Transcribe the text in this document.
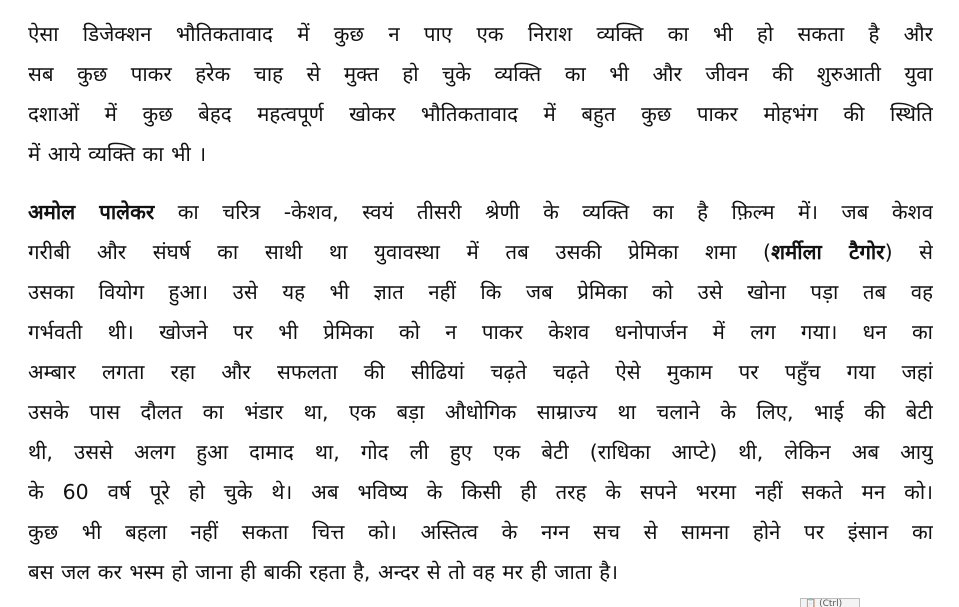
ऐसा डिजेक्शन भौतिकतावाद में कुछ न पाए एक निराश व्यक्ति का भी हो सकता है और
सब कुछ पाकर हरेक चाह से मुक्त हो चुके व्यक्ति का भी और जीवन की शुरुआती युवा
दशाओं में कुछ बेहद महत्वपूर्ण खोकर भौतिकतावाद में बहुत कुछ पाकर मोहभंग की स्थिति
में आये व्यक्ति का भी ।

अमोल पालेकर का चरित्र -केशव, स्वयं तीसरी श्रेणी के व्यक्ति का है फ़िल्म में। जब केशव
गरीबी और संघर्ष का साथी था युवावस्था में तब उसकी प्रेमिका शमा (शर्मीला टैगोर) से
उसका वियोग हुआ। उसे यह भी ज्ञात नहीं कि जब प्रेमिका को उसे खोना पड़ा तब वह
गर्भवती थी। खोजने पर भी प्रेमिका को न पाकर केशव धनोपार्जन में लग गया। धन का
अम्बार लगता रहा और सफलता की सीढियां चढ़ते चढ़ते ऐसे मुकाम पर पहुँच गया जहां
उसके पास दौलत का भंडार था, एक बड़ा औधोगिक साम्राज्य था चलाने के लिए, भाई की बेटी
थी, उससे अलग हुआ दामाद था, गोद ली हुए एक बेटी (राधिका आप्टे) थी, लेकिन अब आयु
के 60 वर्ष पूरे हो चुके थे। अब भविष्य के किसी ही तरह के सपने भरमा नहीं सकते मन को।
कुछ भी बहला नहीं सकता चित्त को। अस्तित्व के नग्न सच से सामना होने पर इंसान का
बस जल कर भस्म हो जाना ही बाकी रहता है, अन्दर से तो वह मर ही जाता है।

📋 (Ctrl)
